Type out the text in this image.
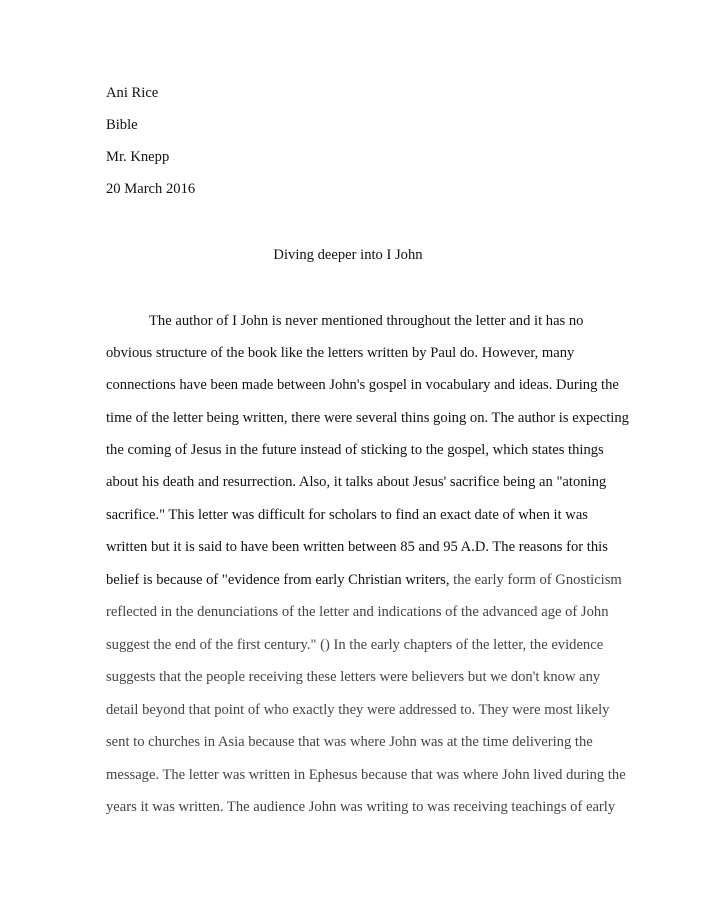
Ani Rice
Bible
Mr. Knepp
20 March 2016
Diving deeper into I John
The author of I John is never mentioned throughout the letter and it has no
obvious structure of the book like the letters written by Paul do. However, many
connections have been made between John's gospel in vocabulary and ideas. During the
time of the letter being written, there were several thins going on. The author is expecting
the coming of Jesus in the future instead of sticking to the gospel, which states things
about his death and resurrection. Also, it talks about Jesus' sacrifice being an "atoning
sacrifice." This letter was difficult for scholars to find an exact date of when it was
written but it is said to have been written between 85 and 95 A.D. The reasons for this
belief is because of "evidence from early Christian writers, the early form of Gnosticism
reflected in the denunciations of the letter and indications of the advanced age of John
suggest the end of the first century." () In the early chapters of the letter, the evidence
suggests that the people receiving these letters were believers but we don't know any
detail beyond that point of who exactly they were addressed to. They were most likely
sent to churches in Asia because that was where John was at the time delivering the
message. The letter was written in Ephesus because that was where John lived during the
years it was written. The audience John was writing to was receiving teachings of early
